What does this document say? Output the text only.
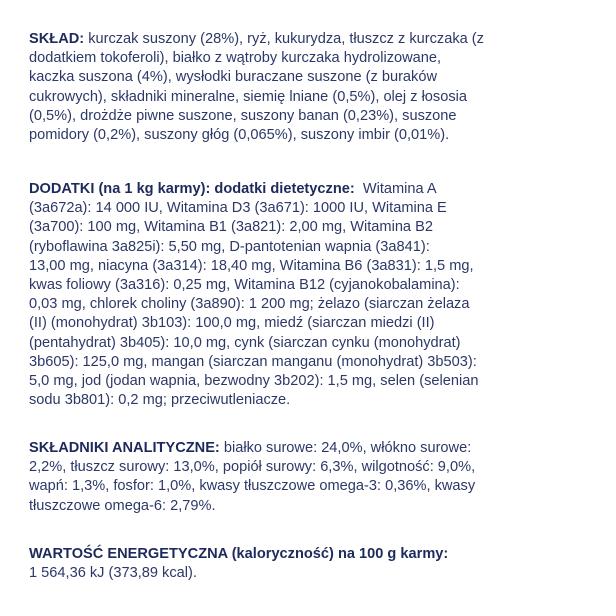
SKŁAD: kurczak suszony (28%), ryż, kukurydza, tłuszcz z kurczaka (z
dodatkiem tokoferoli), białko z wątroby kurczaka hydrolizowane,
kaczka suszona (4%), wysłodki buraczane suszone (z buraków
cukrowych), składniki mineralne, siemię lniane (0,5%), olej z łososia
(0,5%), drożdże piwne suszone, suszony banan (0,23%), suszone
pomidory (0,2%), suszony głóg (0,065%), suszony imbir (0,01%).
DODATKI (na 1 kg karmy): dodatki dietetyczne:  Witamina A
(3a672a): 14 000 IU, Witamina D3 (3a671): 1000 IU, Witamina E
(3a700): 100 mg, Witamina B1 (3a821): 2,00 mg, Witamina B2
(ryboflawina 3a825i): 5,50 mg, D-pantotenian wapnia (3a841):
13,00 mg, niacyna (3a314): 18,40 mg, Witamina B6 (3a831): 1,5 mg,
kwas foliowy (3a316): 0,25 mg, Witamina B12 (cyjanokobalamina):
0,03 mg, chlorek choliny (3a890): 1 200 mg; żelazo (siarczan żelaza
(II) (monohydrat) 3b103): 100,0 mg, miedź (siarczan miedzi (II)
(pentahydrat) 3b405): 10,0 mg, cynk (siarczan cynku (monohydrat)
3b605): 125,0 mg, mangan (siarczan manganu (monohydrat) 3b503):
5,0 mg, jod (jodan wapnia, bezwodny 3b202): 1,5 mg, selen (selenian
sodu 3b801): 0,2 mg; przeciwutleniacze.
SKŁADNIKI ANALITYCZNE: białko surowe: 24,0%, włókno surowe:
2,2%, tłuszcz surowy: 13,0%, popiół surowy: 6,3%, wilgotność: 9,0%,
wapń: 1,3%, fosfor: 1,0%, kwasy tłuszczowe omega-3: 0,36%, kwasy
tłuszczowe omega-6: 2,79%.
WARTOŚĆ ENERGETYCZNA (kaloryczność) na 100 g karmy:
1 564,36 kJ (373,89 kcal).
